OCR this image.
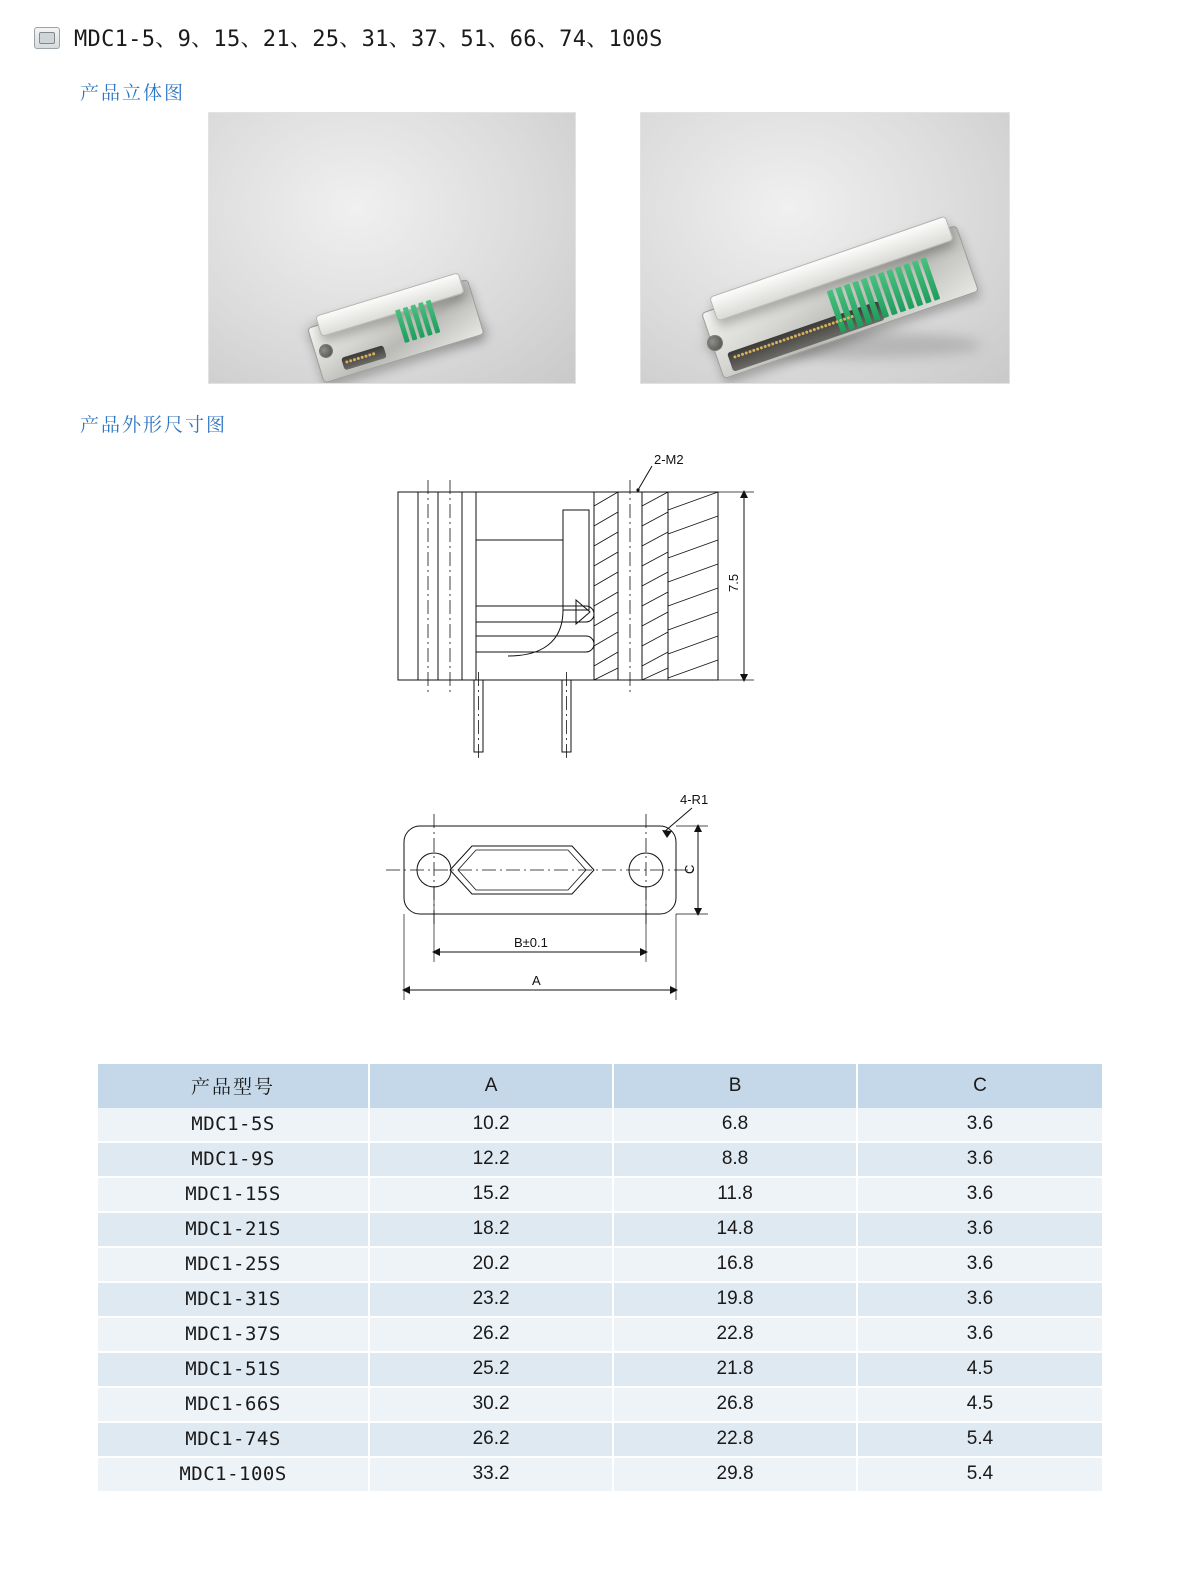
MDC1-5、9、15、21、25、31、37、51、66、74、100S
产品立体图
产品外形尺寸图
2-M2
7.5
4-R1
B±0.1
A
C
产品型号	A	B	C
MDC1-5S	10.2	6.8	3.6
MDC1-9S	12.2	8.8	3.6
MDC1-15S	15.2	11.8	3.6
MDC1-21S	18.2	14.8	3.6
MDC1-25S	20.2	16.8	3.6
MDC1-31S	23.2	19.8	3.6
MDC1-37S	26.2	22.8	3.6
MDC1-51S	25.2	21.8	4.5
MDC1-66S	30.2	26.8	4.5
MDC1-74S	26.2	22.8	5.4
MDC1-100S	33.2	29.8	5.4
